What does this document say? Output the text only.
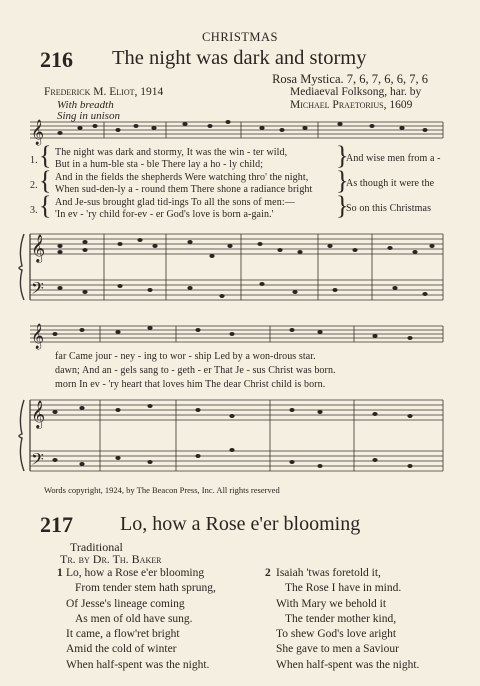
CHRISTMAS
216 The night was dark and stormy
Rosa Mystica. 7, 6, 7, 6, 6, 7, 6
Frederick M. Eliot, 1914	Mediaeval Folksong, har. by
With breadth	Michael Praetorius, 1609
Sing in unison
𝄞
𝄞
𝄢
𝄞
𝄞
𝄢
1.
2.
3.
{
{
{
The night was dark and stormy, It was the win - ter wild,
But in a hum-ble sta - ble There lay a ho - ly child;
And in the fields the shepherds Were watching thro' the night,
When sud-den-ly a - round them There shone a radiance bright
And Je-sus brought glad tid-ings To all the sons of men:—
'In ev - 'ry child for-ev - er God's love is born a-gain.'
}
}
}
And wise men from a -
As though it were the
So on this Christmas
far Came jour - ney - ing to wor - ship Led by a won-drous star.
dawn; And an - gels sang to - geth - er That Je - sus Christ was born.
morn In ev - 'ry heart that loves him The dear Christ child is born.
Words copyright, 1924, by The Beacon Press, Inc. All rights reserved
217 Lo, how a Rose e'er blooming
Traditional
Tr. by Dr. Th. Baker
1 Lo, how a Rose e'er blooming
From tender stem hath sprung,
Of Jesse's lineage coming
As men of old have sung.
It came, a flow'ret bright
Amid the cold of winter
When half-spent was the night.
2 Isaiah 'twas foretold it,
The Rose I have in mind.
With Mary we behold it
The tender mother kind,
To shew God's love aright
She gave to men a Saviour
When half-spent was the night.
